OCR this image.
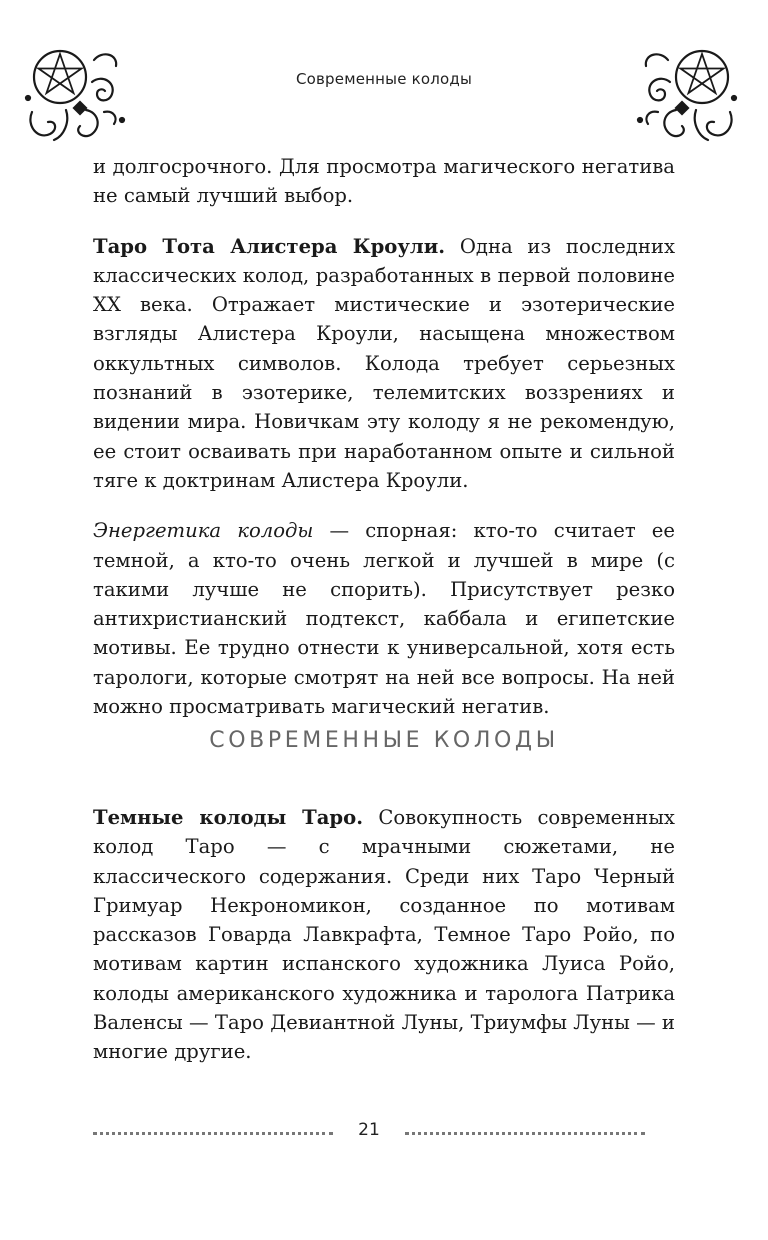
Современные колоды

и долгосрочного. Для просмотра магического негатива не самый лучший выбор.

Таро Тота Алистера Кроули. Одна из последних классических колод, разработанных в первой половине XX века. Отражает мистические и эзотерические взгляды Алистера Кроули, насыщена множеством оккультных символов. Колода требует серьезных познаний в эзотерике, телемитских воззрениях и видении мира. Новичкам эту колоду я не рекомендую, ее стоит осваивать при наработанном опыте и сильной тяге к доктринам Алистера Кроули.

Энергетика колоды — спорная: кто-то считает ее темной, а кто-то очень легкой и лучшей в мире (с такими лучше не спорить). Присутствует резко антихристианский подтекст, каббала и египетские мотивы. Ее трудно отнести к универсальной, хотя есть тарологи, которые смотрят на ней все вопросы. На ней можно просматривать магический негатив.

СОВРЕМЕННЫЕ КОЛОДЫ

Темные колоды Таро. Совокупность современных колод Таро — с мрачными сюжетами, не классического содержания. Среди них Таро Черный Гримуар Некрономикон, созданное по мотивам рассказов Говарда Лавкрафта, Темное Таро Ройо, по мотивам картин испанского художника Луиса Ройо, колоды американского художника и таролога Патрика Валенсы — Таро Девиантной Луны, Триумфы Луны — и многие другие.

21
